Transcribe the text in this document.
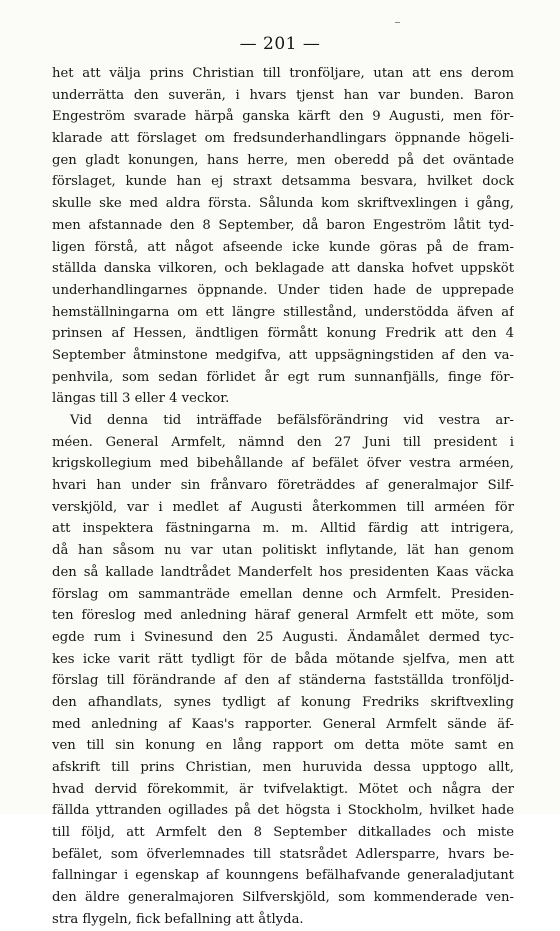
— 201 —
het att välja prins Christian till tronföljare, utan att ens derom
underrätta den suverän, i hvars tjenst han var bunden. Baron
Engeström svarade härpå ganska kärft den 9 Augusti, men för-
klarade att förslaget om fredsunderhandlingars öppnande högeli-
gen gladt konungen, hans herre, men oberedd på det oväntade
förslaget, kunde han ej straxt detsamma besvara, hvilket dock
skulle ske med aldra första. Sålunda kom skriftvexlingen i gång,
men afstannade den 8 September, då baron Engeström låtit tyd-
ligen förstå, att något afseende icke kunde göras på de fram-
ställda danska vilkoren, och beklagade att danska hofvet uppsköt
underhandlingarnes öppnande. Under tiden hade de upprepade
hemställningarna om ett längre stillestånd, understödda äfven af
prinsen af Hessen, ändtligen förmått konung Fredrik att den 4
September åtminstone medgifva, att uppsägningstiden af den va-
penhvila, som sedan förlidet år egt rum sunnanfjälls, finge för-
längas till 3 eller 4 veckor.
Vid denna tid inträffade befälsförändring vid vestra ar-
méen. General Armfelt, nämnd den 27 Juni till president i
krigskollegium med bibehållande af befälet öfver vestra arméen,
hvari han under sin frånvaro företräddes af generalmajor Silf-
verskjöld, var i medlet af Augusti återkommen till arméen för
att inspektera fästningarna m. m. Alltid färdig att intrigera,
då han såsom nu var utan politiskt inflytande, lät han genom
den så kallade landtrådet Manderfelt hos presidenten Kaas väcka
förslag om sammanträde emellan denne och Armfelt. Presiden-
ten föreslog med anledning häraf general Armfelt ett möte, som
egde rum i Svinesund den 25 Augusti. Ändamålet dermed tyc-
kes icke varit rätt tydligt för de båda mötande sjelfva, men att
förslag till förändrande af den af ständerna fastställda tronföljd-
den afhandlats, synes tydligt af konung Fredriks skriftvexling
med anledning af Kaas's rapporter. General Armfelt sände äf-
ven till sin konung en lång rapport om detta möte samt en
afskrift till prins Christian, men huruvida dessa upptogo allt,
hvad dervid förekommit, är tvifvelaktigt. Mötet och några der
fällda yttranden ogillades på det högsta i Stockholm, hvilket hade
till följd, att Armfelt den 8 September ditkallades och miste
befälet, som öfverlemnades till statsrådet Adlersparre, hvars be-
fallningar i egenskap af kounngens befälhafvande generaladjutant
den äldre generalmajoren Silfverskjöld, som kommenderade ven-
stra flygeln, fick befallning att åtlyda.
